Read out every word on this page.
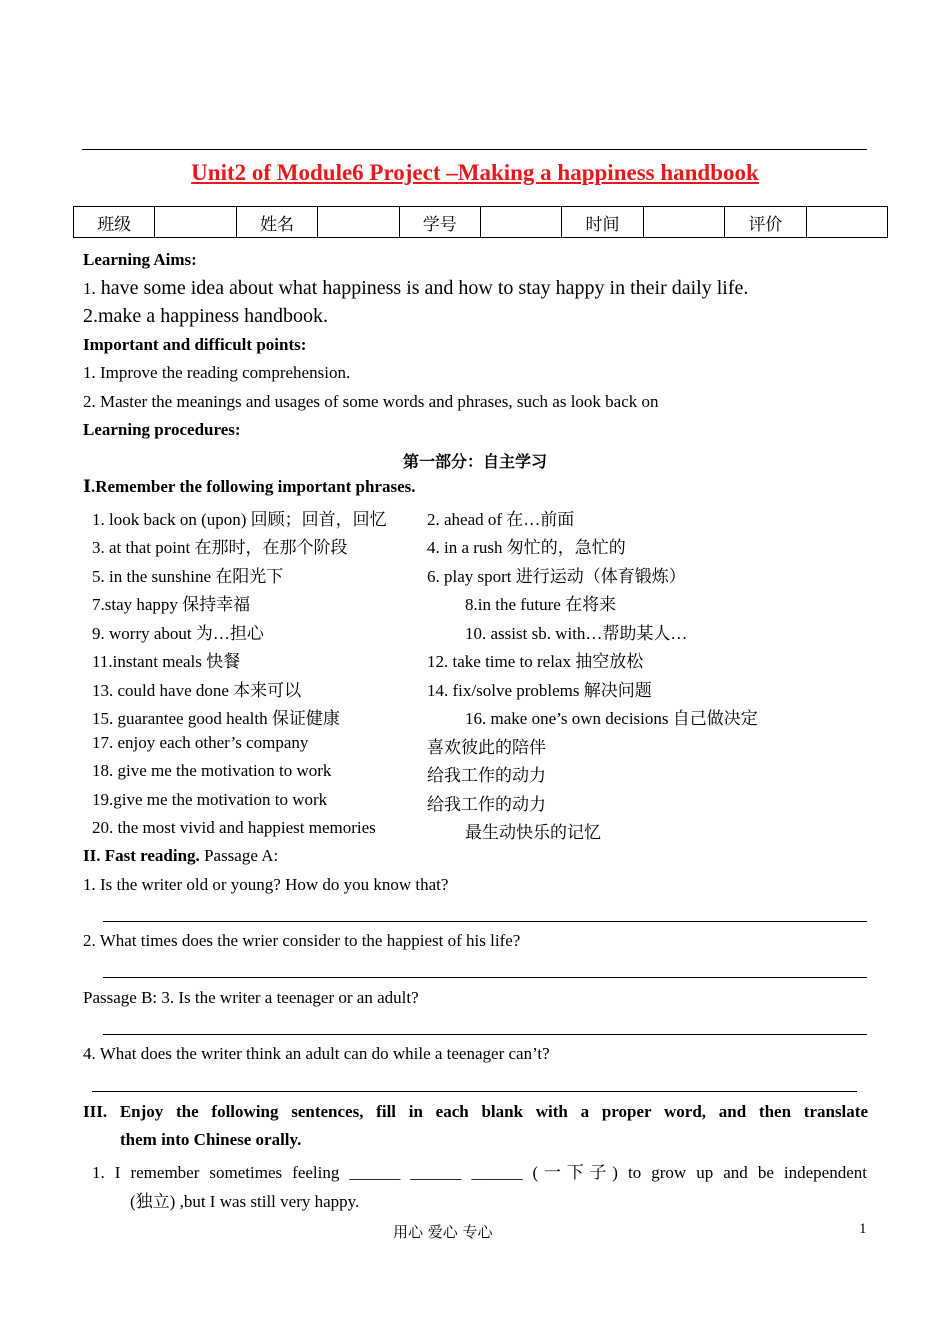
Unit2 of Module6 Project –Making a happiness handbook
班级		姓名		学号		时间		评价	
Learning Aims:
1. have some idea about what happiness is and how to stay happy in their daily life.
2.make a happiness handbook.
Important and difficult points:
1. Improve the reading comprehension.
2. Master the meanings and usages of some words and phrases, such as look back on
Learning procedures:
第一部分：自主学习
Ⅰ.Remember the following important phrases.
1. look back on (upon) 回顾；回首，回忆 2. ahead of 在…前面
3. at that point 在那时，在那个阶段	4. in a rush 匆忙的，急忙的
5. in the sunshine 在阳光下	6. play sport 进行运动（体育锻炼）
7.stay happy 保持幸福	8.in the future 在将来
9. worry about 为…担心	10. assist sb. with…帮助某人…
11.instant meals 快餐	12. take time to relax 抽空放松
13. could have done 本来可以	14. fix/solve problems 解决问题
15. guarantee good health 保证健康	16. make one’s own decisions 自己做决定
17. enjoy each other’s company	喜欢彼此的陪伴
18. give me the motivation to work	给我工作的动力
19.give me the motivation to work	给我工作的动力
20. the most vivid and happiest memories	最生动快乐的记忆
II. Fast reading. Passage A:
1. Is the writer old or young? How do you know that?
2. What times does the wrier consider to the happiest of his life?
Passage B: 3. Is the writer a teenager or an adult?
4. What does the writer think an adult can do while a teenager can’t?
III. Enjoy the following sentences, fill in each blank with a proper word, and then translate
them into Chinese orally.
1. I remember sometimes feeling ______ ______ ______ (一下子) to grow up and be independent
(独立) ,but I was still very happy.
用心 爱心 专心	1
